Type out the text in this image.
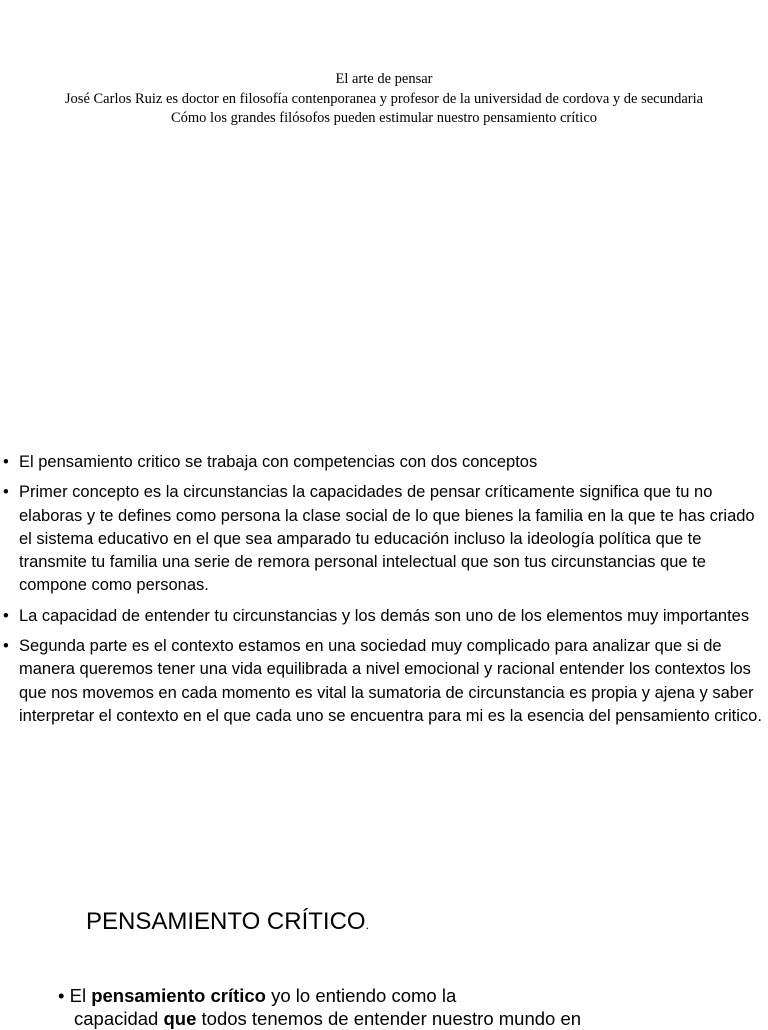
El arte de pensar
José Carlos Ruiz es doctor en filosofía contenporanea y profesor de la universidad de cordova y de secundaria
Cómo los grandes filósofos pueden estimular nuestro pensamiento crítico
• El pensamiento critico se trabaja con competencias con dos conceptos
• Primer concepto es la circunstancias la capacidades de pensar críticamente significa que tu no elaboras y te defines como persona la clase social de lo que bienes la familia en la que te has criado el sistema educativo en el que sea amparado tu educación incluso la ideología política que te transmite tu familia una serie de remora personal intelectual que son tus circunstancias que te compone como personas.
• La capacidad de entender tu circunstancias y los demás son uno de los elementos muy importantes
• Segunda parte es el contexto estamos en una sociedad muy complicado para analizar que si de manera queremos tener una vida equilibrada a nivel emocional y racional entender los contextos los que nos movemos en cada momento es vital la sumatoria de circunstancia es propia y ajena y saber interpretar el contexto en el que cada uno se encuentra para mi es la esencia del pensamiento critico.
PENSAMIENTO CRÍTICO.
• El pensamiento crítico yo lo entiendo como la
capacidad que todos tenemos de entender nuestro mundo en
